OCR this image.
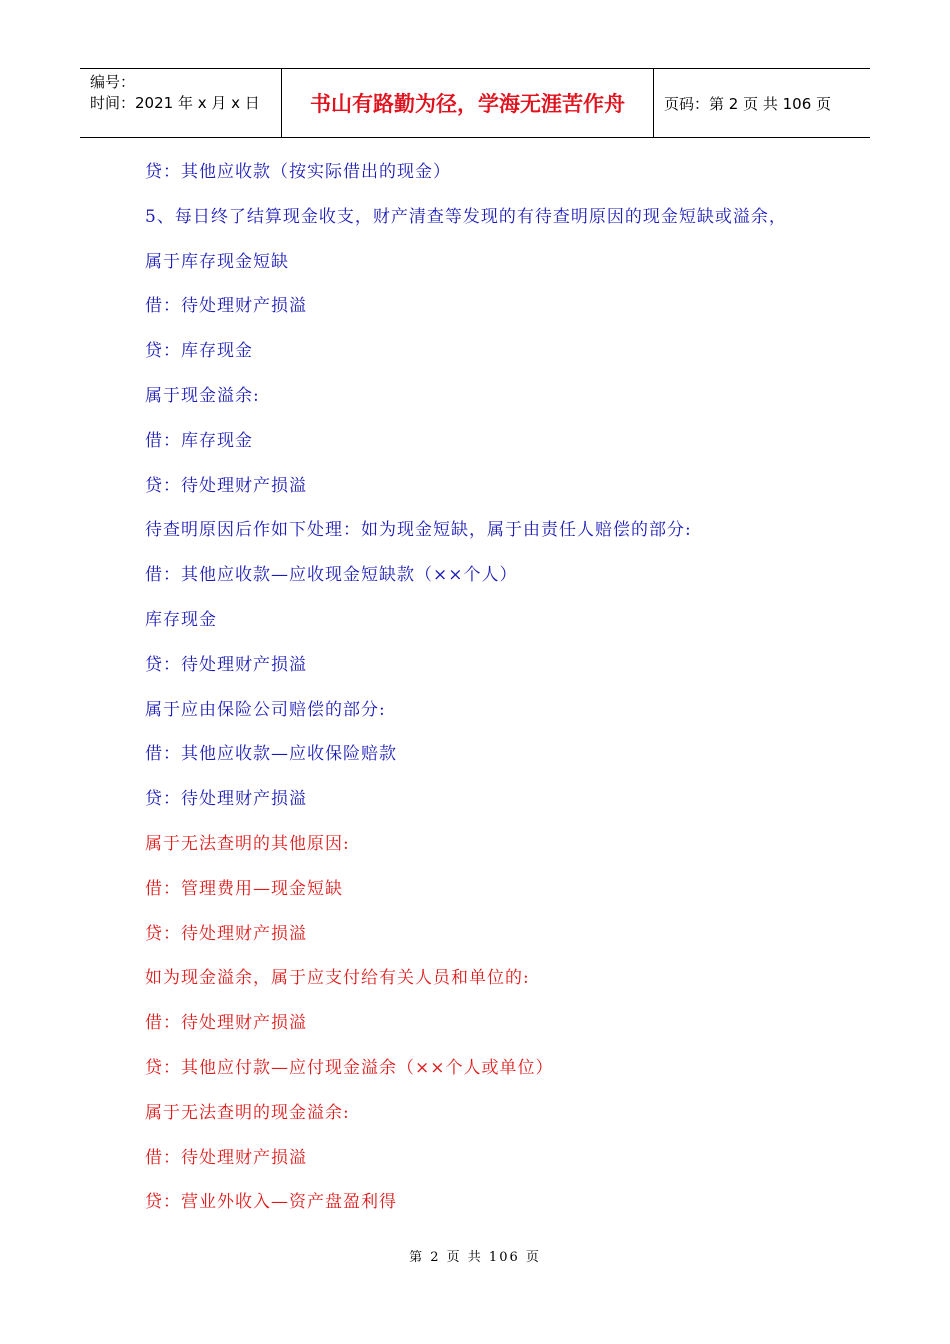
编号：
时间：2021 年 x 月 x 日	书山有路勤为径，学海无涯苦作舟	页码：第 2 页 共 106 页
贷：其他应收款（按实际借出的现金）
5、每日终了结算现金收支，财产清查等发现的有待查明原因的现金短缺或溢余，
属于库存现金短缺
借：待处理财产损溢
贷：库存现金
属于现金溢余:
借：库存现金
贷：待处理财产损溢
待查明原因后作如下处理：如为现金短缺，属于由责任人赔偿的部分:
借：其他应收款—应收现金短缺款（××个人）
库存现金
贷：待处理财产损溢
属于应由保险公司赔偿的部分:
借：其他应收款—应收保险赔款
贷：待处理财产损溢
属于无法查明的其他原因:
借：管理费用—现金短缺
贷：待处理财产损溢
如为现金溢余，属于应支付给有关人员和单位的:
借：待处理财产损溢
贷：其他应付款—应付现金溢余（××个人或单位）
属于无法查明的现金溢余:
借：待处理财产损溢
贷：营业外收入—资产盘盈利得
第 2 页 共 106 页
